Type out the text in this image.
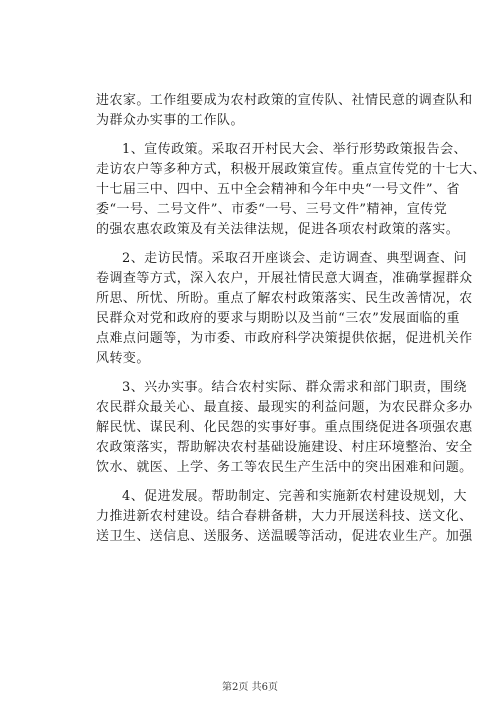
进农家。工作组要成为农村政策的宣传队、社情民意的调查队和
为群众办实事的工作队。
1、宣传政策。采取召开村民大会、举行形势政策报告会、
走访农户等多种方式，积极开展政策宣传。重点宣传党的十七大、
十七届三中、四中、五中全会精神和今年中央“一号文件”、省
委“一号、二号文件”、市委“一号、三号文件”精神，宣传党
的强农惠农政策及有关法律法规，促进各项农村政策的落实。
2、走访民情。采取召开座谈会、走访调查、典型调查、问
卷调查等方式，深入农户，开展社情民意大调查，准确掌握群众
所思、所忧、所盼。重点了解农村政策落实、民生改善情况，农
民群众对党和政府的要求与期盼以及当前“三农”发展面临的重
点难点问题等，为市委、市政府科学决策提供依据，促进机关作
风转变。
3、兴办实事。结合农村实际、群众需求和部门职责，围绕
农民群众最关心、最直接、最现实的利益问题，为农民群众多办
解民忧、谋民利、化民怨的实事好事。重点围绕促进各项强农惠
农政策落实，帮助解决农村基础设施建设、村庄环境整治、安全
饮水、就医、上学、务工等农民生产生活中的突出困难和问题。
4、促进发展。帮助制定、完善和实施新农村建设规划，大
力推进新农村建设。结合春耕备耕，大力开展送科技、送文化、
送卫生、送信息、送服务、送温暖等活动，促进农业生产。加强
第2页 共6页
